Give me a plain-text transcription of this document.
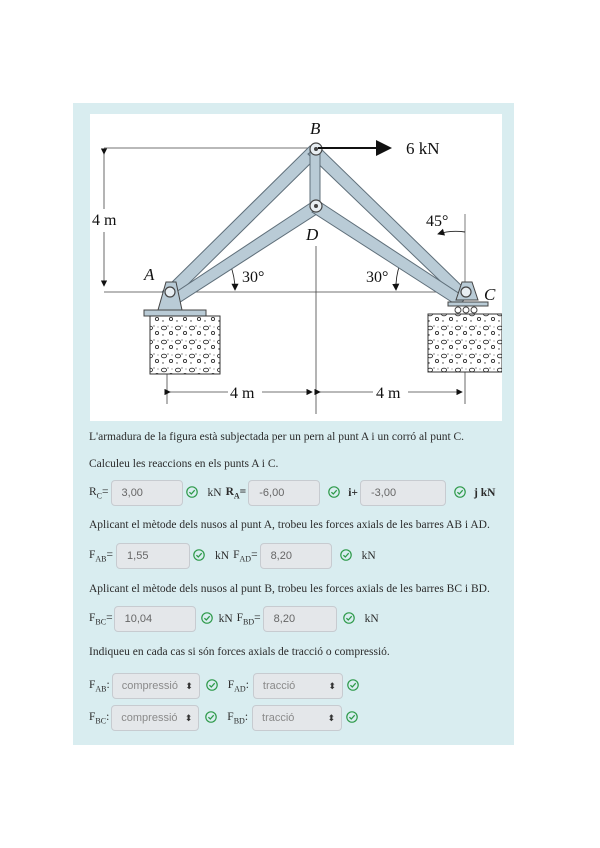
B
D
A
C
6 kN
4 m
30°	30°
45°
4 m	4 m
L'armadura de la figura està subjectada per un pern al punt A i un corró al punt C.
Calculeu les reaccions en els punts A i C.
$R_C=$	3,00	kN $R_A=$	-6,00	i+	-3,00	j kN
Aplicant el mètode dels nusos al punt A, trobeu les forces axials de les barres AB i AD.
$F_{AB}=$	1,55	kN $F_{AD}=$	8,20	kN
Aplicant el mètode dels nusos al punt B, trobeu les forces axials de les barres BC i BD.
$F_{BC}=$	10,04	kN $F_{BD}=$	8,20	kN
Indiqueu en cada cas si són forces axials de tracció o compressió.
$F_{AB}$: compressió ⬍	$F_{AD}$: tracció	⬍
$F_{BC}$: compressió ⬍	$F_{BD}$: tracció	⬍
